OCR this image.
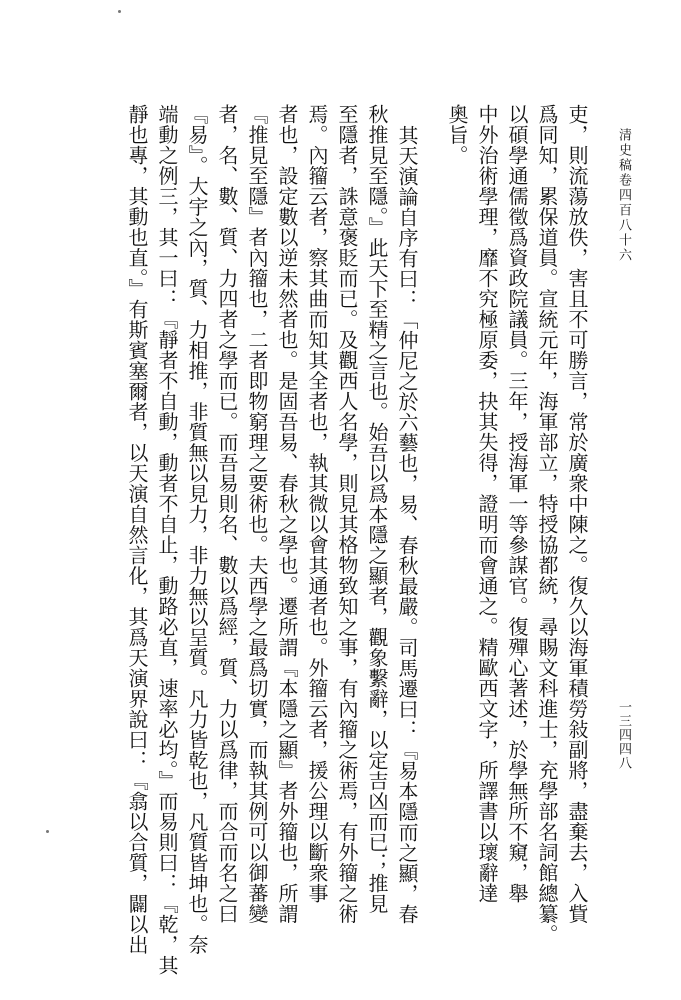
清史稿卷四百八十六
一三四四八
吏，則流蕩放佚，害且不可勝言，常於廣衆中陳之。復久以海軍積勞敍副將，盡棄去，入貲
爲同知，累保道員。宣統元年，海軍部立，特授協都統，尋賜文科進士，充學部名詞館總纂。
以碩學通儒徵爲資政院議員。三年，授海軍一等參謀官。復殫心著述，於學無所不窺，舉
中外治術學理，靡不究極原委，抉其失得，證明而會通之。精歐西文字，所譯書以瓌辭達
奧旨。
其天演論自序有曰：「仲尼之於六藝也，易、春秋最嚴。司馬遷曰：『易本隱而之顯，春
秋推見至隱。』此天下至精之言也。始吾以爲本隱之顯者，觀象繫辭，以定吉凶而已；推見
至隱者，誅意褒貶而已。及觀西人名學，則見其格物致知之事，有內籀之術焉，有外籀之術
焉。內籀云者，察其曲而知其全者也，執其微以會其通者也。外籀云者，援公理以斷衆事
者也，設定數以逆未然者也。是固吾易、春秋之學也。遷所謂『本隱之顯』者外籀也，所謂
『推見至隱』者內籀也，二者即物窮理之要術也。夫西學之最爲切實，而執其例可以御蕃變
者，名、數、質、力四者之學而已。而吾易則名、數以爲經，質、力以爲律，而合而名之曰
『易』。大宇之內，質、力相推，非質無以見力，非力無以呈質。凡力皆乾也，凡質皆坤也。奈
端動之例三，其一曰：『靜者不自動，動者不自止，動路必直，速率必均。』而易則曰：『乾，其
靜也專，其動也直。』有斯賓塞爾者，以天演自然言化，其爲天演界說曰：『翕以合質，闢以出
